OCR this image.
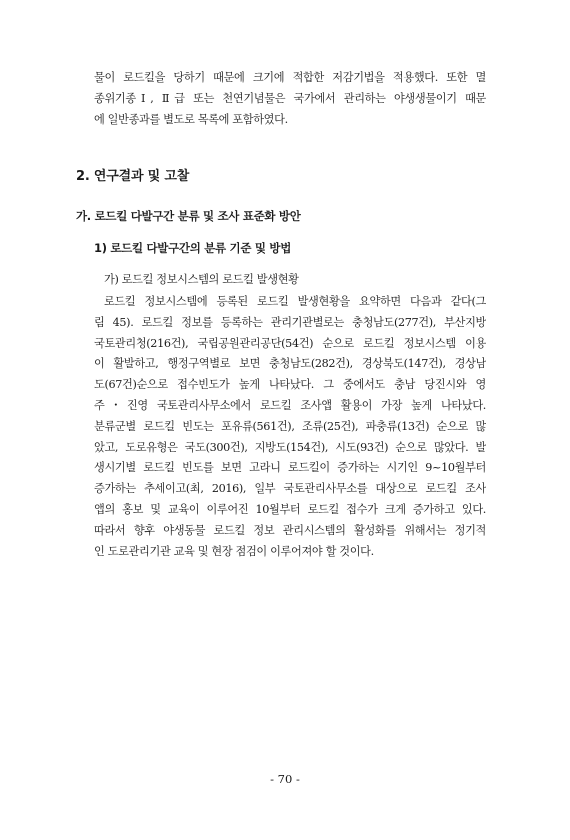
물이 로드킬을 당하기 때문에 크기에 적합한 저감기법을 적용했다. 또한 멸
종위기종Ⅰ, Ⅱ급 또는 천연기념물은 국가에서 관리하는 야생생물이기 때문
에 일반종과를 별도로 목록에 포함하였다.
2. 연구결과 및 고찰
가. 로드킬 다발구간 분류 및 조사 표준화 방안
1) 로드킬 다발구간의 분류 기준 및 방법
가) 로드킬 정보시스템의 로드킬 발생현황
로드킬 정보시스템에 등록된 로드킬 발생현황을 요약하면 다음과 같다(그
림 45). 로드킬 정보를 등록하는 관리기관별로는 충청남도(277건), 부산지방
국토관리청(216건), 국립공원관리공단(54건) 순으로 로드킬 정보시스템 이용
이 활발하고, 행정구역별로 보면 충청남도(282건), 경상북도(147건), 경상남
도(67건)순으로 접수빈도가 높게 나타났다. 그 중에서도 충남 당진시와 영
주・진영 국토관리사무소에서 로드킬 조사앱 활용이 가장 높게 나타났다.
분류군별 로드킬 빈도는 포유류(561건), 조류(25건), 파충류(13건) 순으로 많
았고, 도로유형은 국도(300건), 지방도(154건), 시도(93건) 순으로 많았다. 발
생시기별 로드킬 빈도를 보면 고라니 로드킬이 증가하는 시기인 9~10월부터
증가하는 추세이고(최, 2016), 일부 국토관리사무소를 대상으로 로드킬 조사
앱의 홍보 및 교육이 이루어진 10월부터 로드킬 접수가 크게 증가하고 있다.
따라서 향후 야생동물 로드킬 정보 관리시스템의 활성화를 위해서는 정기적
인 도로관리기관 교육 및 현장 점검이 이루어져야 할 것이다.
- 70 -
